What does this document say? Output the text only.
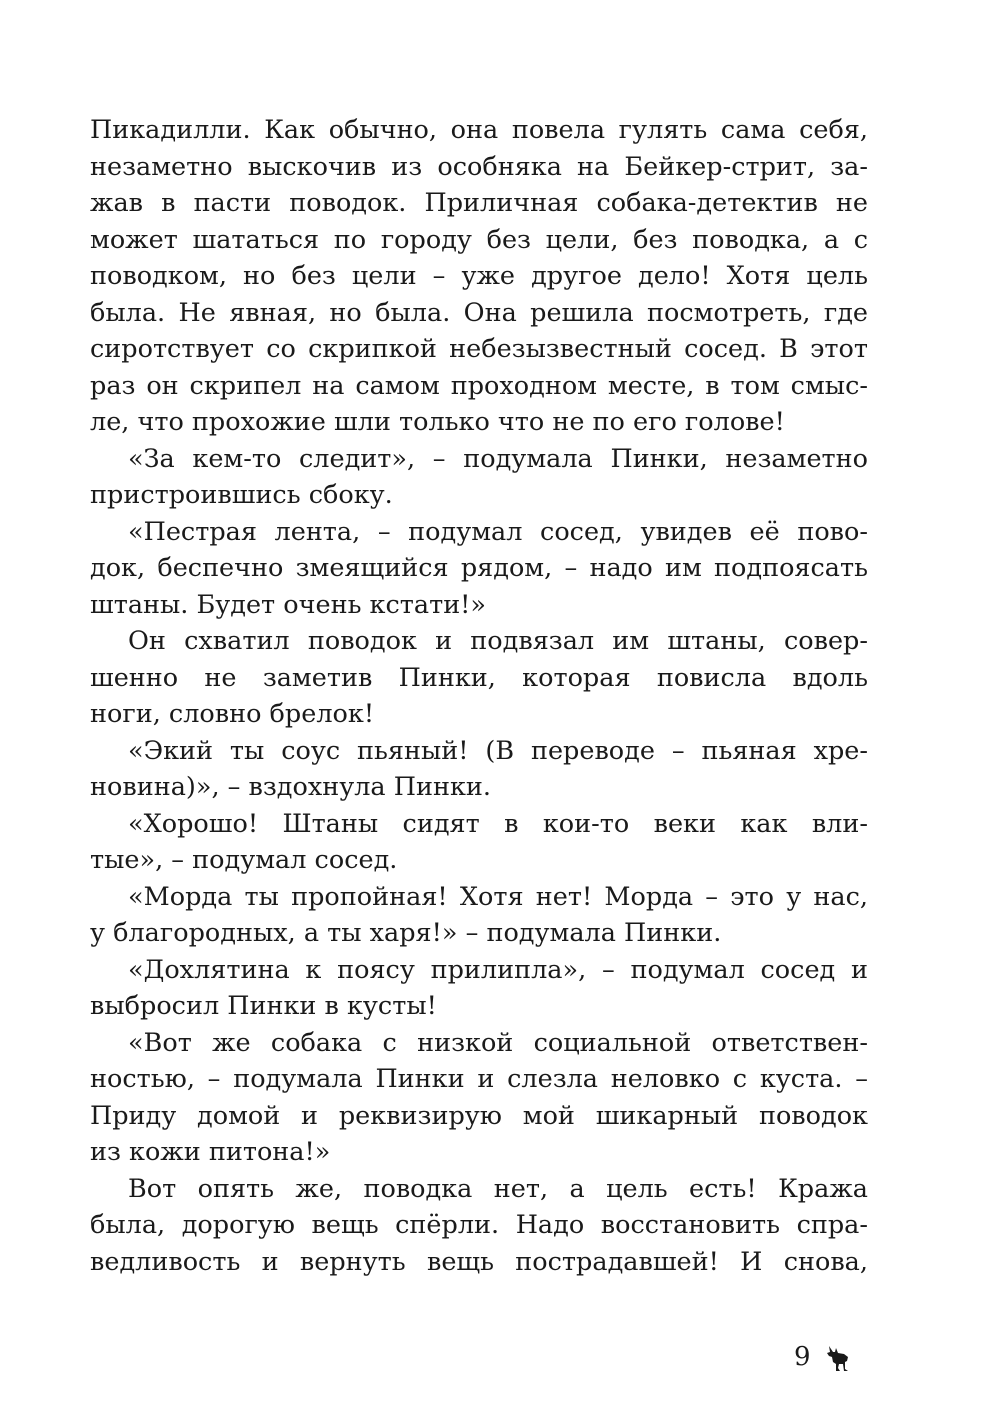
Пикадилли. Как обычно, она повела гулять сама себя,
незаметно выскочив из особняка на Бейкер-стрит, за-
жав в пасти поводок. Приличная собака-детектив не
может шататься по городу без цели, без поводка, а с
поводком, но без цели – уже другое дело! Хотя цель
была. Не явная, но была. Она решила посмотреть, где
сиротствует со скрипкой небезызвестный сосед. В этот
раз он скрипел на самом проходном месте, в том смыс-
ле, что прохожие шли только что не по его голове!
«За кем-то следит», – подумала Пинки, незаметно
пристроившись сбоку.
«Пестрая лента, – подумал сосед, увидев её пово-
док, беспечно змеящийся рядом, – надо им подпоясать
штаны. Будет очень кстати!»
Он схватил поводок и подвязал им штаны, совер-
шенно не заметив Пинки, которая повисла вдоль
ноги, словно брелок!
«Экий ты соус пьяный! (В переводе – пьяная хре-
новина)», – вздохнула Пинки.
«Хорошо! Штаны сидят в кои-то веки как вли-
тые», – подумал сосед.
«Морда ты пропойная! Хотя нет! Морда – это у нас,
у благородных, а ты харя!» – подумала Пинки.
«Дохлятина к поясу прилипла», – подумал сосед и
выбросил Пинки в кусты!
«Вот же собака с низкой социальной ответствен-
ностью, – подумала Пинки и слезла неловко с куста. –
Приду домой и реквизирую мой шикарный поводок
из кожи питона!»
Вот опять же, поводка нет, а цель есть! Кража
была, дорогую вещь спёрли. Надо восстановить спра-
ведливость и вернуть вещь пострадавшей! И снова,
9
